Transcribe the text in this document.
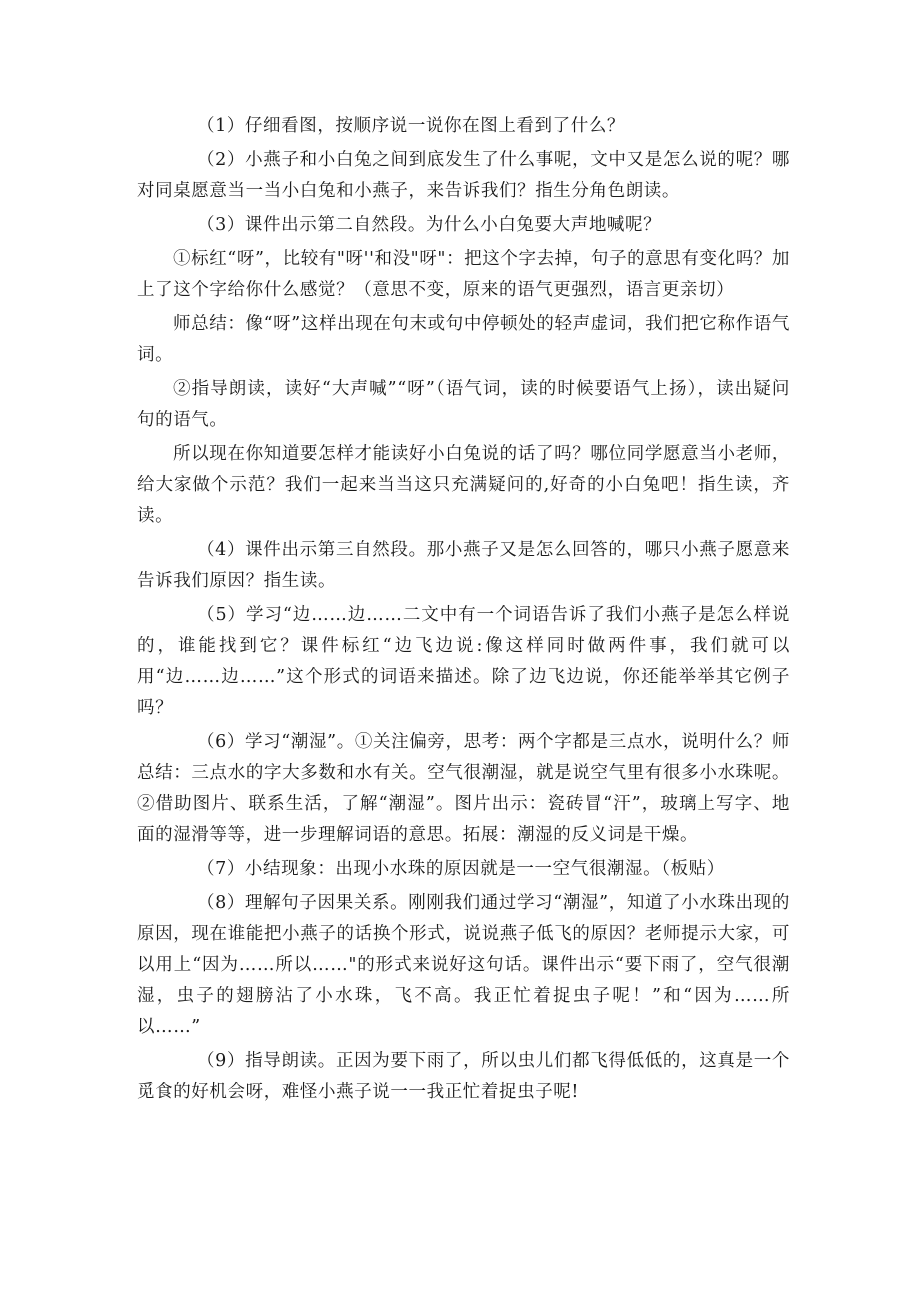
（1）仔细看图，按顺序说一说你在图上看到了什么？

（2）小燕子和小白兔之间到底发生了什么事呢，文中又是怎么说的呢？哪对同桌愿意当一当小白兔和小燕子，来告诉我们？指生分角色朗读。

（3）课件出示第二自然段。为什么小白兔要大声地喊呢？

①标红“呀”，比较有"呀''和没"呀"：把这个字去掉，句子的意思有变化吗？加上了这个字给你什么感觉？（意思不变，原来的语气更强烈，语言更亲切）

师总结：像“呀”这样出现在句末或句中停顿处的轻声虚词，我们把它称作语气词。

②指导朗读，读好“大声喊”“呀”（语气词，读的时候要语气上扬），读出疑问句的语气。

所以现在你知道要怎样才能读好小白兔说的话了吗？哪位同学愿意当小老师，给大家做个示范？我们一起来当当这只充满疑问的,好奇的小白兔吧！指生读，齐读。

（4）课件出示第三自然段。那小燕子又是怎么回答的，哪只小燕子愿意来告诉我们原因？指生读。

（5）学习“边……边……二文中有一个词语告诉了我们小燕子是怎么样说的，谁能找到它？课件标红“边飞边说:像这样同时做两件事，我们就可以用“边……边……”这个形式的词语来描述。除了边飞边说，你还能举举其它例子吗？

（6）学习“潮湿”。①关注偏旁，思考：两个字都是三点水，说明什么？师总结：三点水的字大多数和水有关。空气很潮湿，就是说空气里有很多小水珠呢。②借助图片、联系生活，了解“潮湿”。图片出示：瓷砖冒“汗”，玻璃上写字、地面的湿滑等等，进一步理解词语的意思。拓展：潮湿的反义词是干燥。

（7）小结现象：出现小水珠的原因就是一一空气很潮湿。（板贴）

（8）理解句子因果关系。刚刚我们通过学习“潮湿”，知道了小水珠出现的原因，现在谁能把小燕子的话换个形式，说说燕子低飞的原因？老师提示大家，可以用上“因为……所以……"的形式来说好这句话。课件出示“要下雨了，空气很潮湿，虫子的翅膀沾了小水珠，飞不高。我正忙着捉虫子呢！”和“因为……所以……”

（9）指导朗读。正因为要下雨了，所以虫儿们都飞得低低的，这真是一个觅食的好机会呀，难怪小燕子说一一我正忙着捉虫子呢!
